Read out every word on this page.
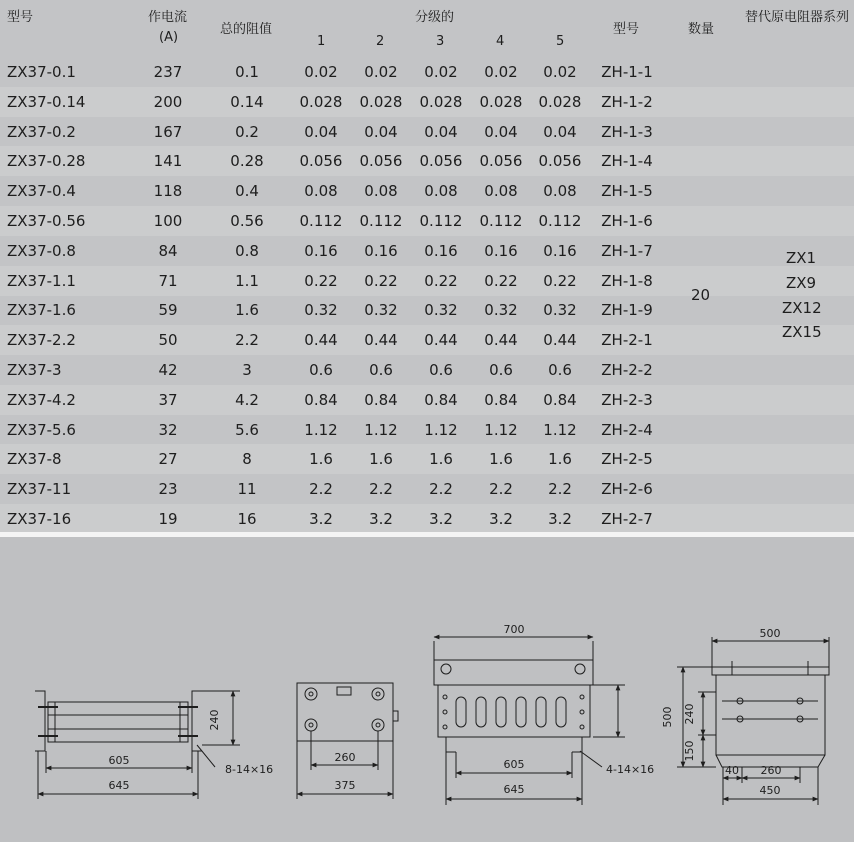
型号	作电流
(A)
总的阻值
分级的
1	2	3	4	5
型号	数量
替代原电阻器系列
ZX37-0.1	237	0.1	0.02	0.02	0.02	0.02	0.02	ZH-1-1
ZX37-0.14	200	0.14	0.028	0.028	0.028	0.028	0.028	ZH-1-2
ZX37-0.2	167	0.2	0.04	0.04	0.04	0.04	0.04	ZH-1-3
ZX37-0.28	141	0.28	0.056	0.056	0.056	0.056	0.056	ZH-1-4
ZX37-0.4	118	0.4	0.08	0.08	0.08	0.08	0.08	ZH-1-5
ZX37-0.56	100	0.56	0.112	0.112	0.112	0.112	0.112	ZH-1-6
ZX37-0.8	84	0.8	0.16	0.16	0.16	0.16	0.16	ZH-1-7
ZX37-1.1	71	1.1	0.22	0.22	0.22	0.22	0.22	ZH-1-8
ZX37-1.6	59	1.6	0.32	0.32	0.32	0.32	0.32	ZH-1-9
ZX37-2.2	50	2.2	0.44	0.44	0.44	0.44	0.44	ZH-2-1
ZX37-3	42	3	0.6	0.6	0.6	0.6	0.6	ZH-2-2
ZX37-4.2	37	4.2	0.84	0.84	0.84	0.84	0.84	ZH-2-3
ZX37-5.6	32	5.6	1.12	1.12	1.12	1.12	1.12	ZH-2-4
ZX37-8	27	8	1.6	1.6	1.6	1.6	1.6	ZH-2-5
ZX37-11	23	11	2.2	2.2	2.2	2.2	2.2	ZH-2-6
ZX37-16	19	16	3.2	3.2	3.2	3.2	3.2	ZH-2-7
20
ZX1
ZX9
ZX12
ZX15
240
605
645
8-14×16
260
375
700
605
645
4-14×16
500
500 240
150
40 260
450
